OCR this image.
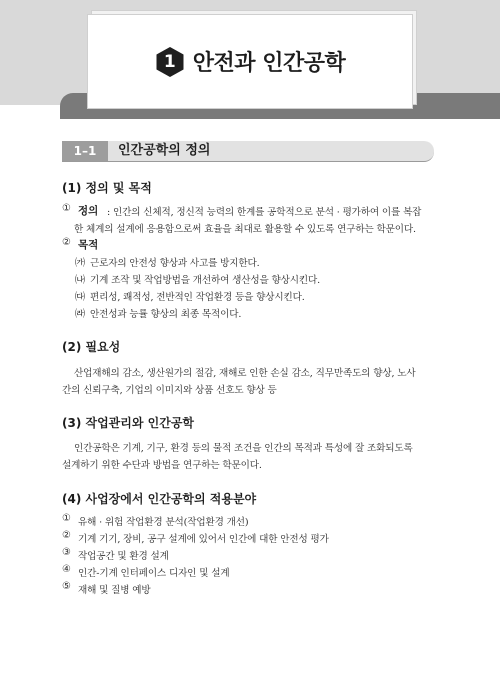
1 안전과 인간공학
1–1	인간공학의 정의
(1) 정의 및 목적
① 정의 : 인간의 신체적, 정신적 능력의 한계를 공학적으로 분석 · 평가하여 이를 복잡
한 체계의 설계에 응용함으로써 효율을 최대로 활용할 수 있도록 연구하는 학문이다.
② 목적
㈎ 근로자의 안전성 향상과 사고를 방지한다.
㈏ 기계 조작 및 작업방법을 개선하여 생산성을 향상시킨다.
㈐ 편리성, 쾌적성, 전반적인 작업환경 등을 향상시킨다.
㈑ 안전성과 능률 향상의 최종 목적이다.
(2) 필요성
산업재해의 감소, 생산원가의 절감, 재해로 인한 손실 감소, 직무만족도의 향상, 노사
간의 신뢰구축, 기업의 이미지와 상품 선호도 향상 등
(3) 작업관리와 인간공학
인간공학은 기계, 기구, 환경 등의 물적 조건을 인간의 목적과 특성에 잘 조화되도록
설계하기 위한 수단과 방법을 연구하는 학문이다.
(4) 사업장에서 인간공학의 적용분야
① 유해 · 위험 작업환경 분석(작업환경 개선)
② 기계 기기, 장비, 공구 설계에 있어서 인간에 대한 안전성 평가
③ 작업공간 및 환경 설계
④ 인간-기계 인터페이스 디자인 및 설계
⑤ 재해 및 질병 예방
